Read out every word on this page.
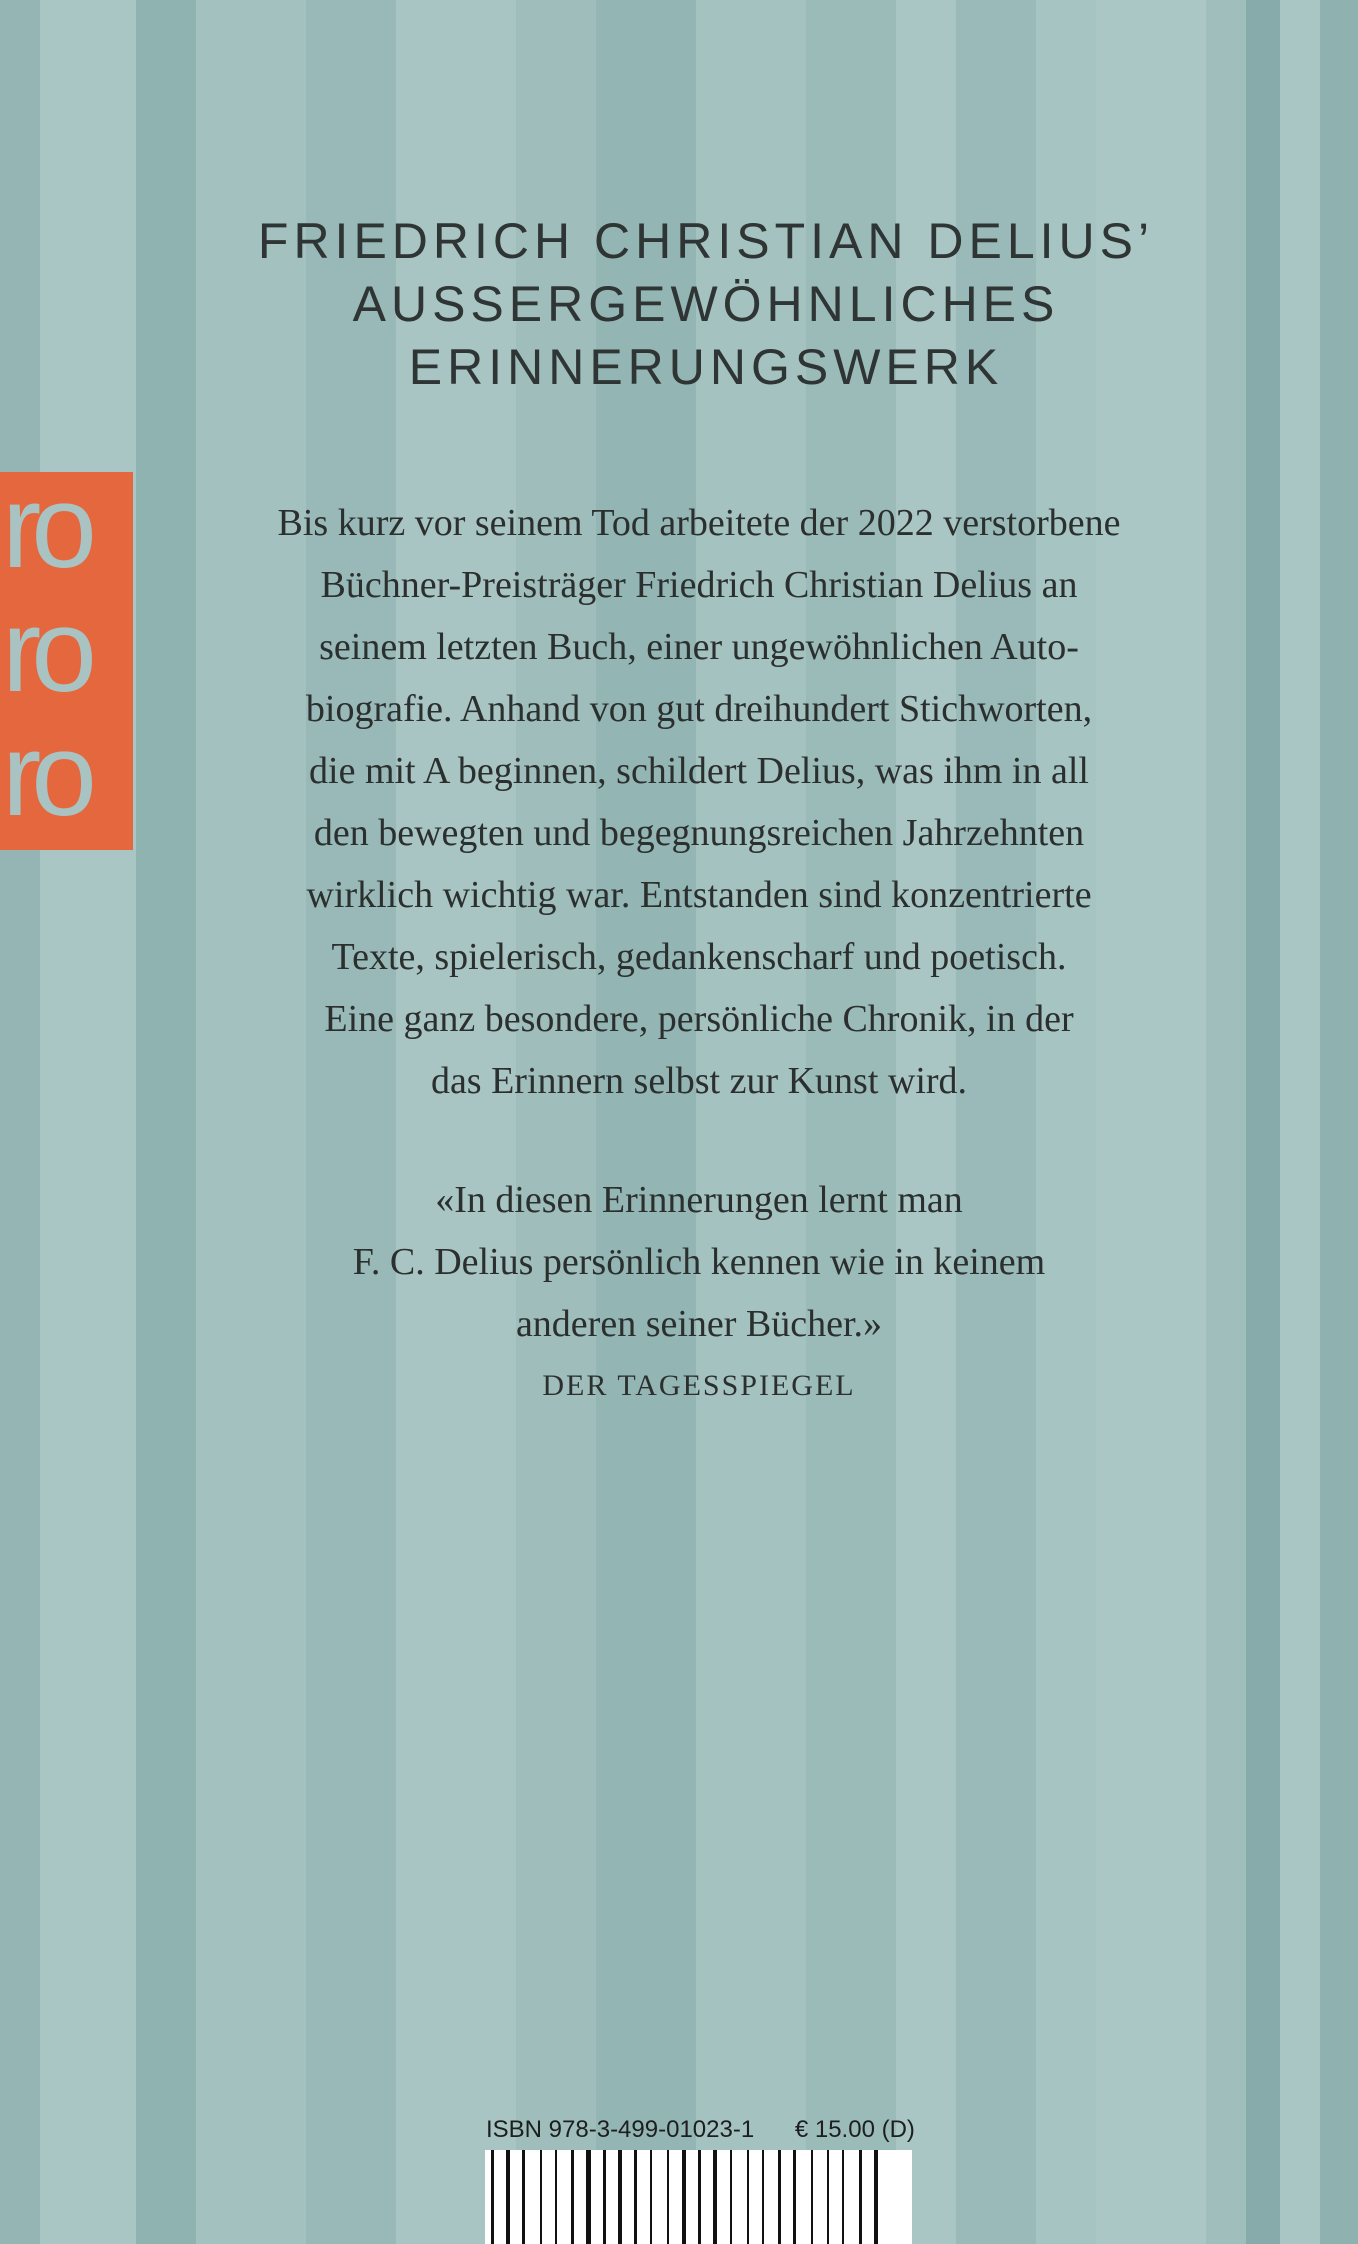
ro
ro
ro
FRIEDRICH CHRISTIAN DELIUS’
AUSSERGEWÖHNLICHES
ERINNERUNGSWERK
Bis kurz vor seinem Tod arbeitete der 2022 verstorbene
Büchner-Preisträger Friedrich Christian Delius an
seinem letzten Buch, einer ungewöhnlichen Auto-
biografie. Anhand von gut dreihundert Stichworten,
die mit A beginnen, schildert Delius, was ihm in all
den bewegten und begegnungsreichen Jahrzehnten
wirklich wichtig war. Entstanden sind konzentrierte
Texte, spielerisch, gedankenscharf und poetisch.
Eine ganz besondere, persönliche Chronik, in der
das Erinnern selbst zur Kunst wird.
«In diesen Erinnerungen lernt man
F. C. Delius persönlich kennen wie in keinem
anderen seiner Bücher.»
DER TAGESSPIEGEL
ISBN 978-3-499-01023-1 € 15.00 (D)
